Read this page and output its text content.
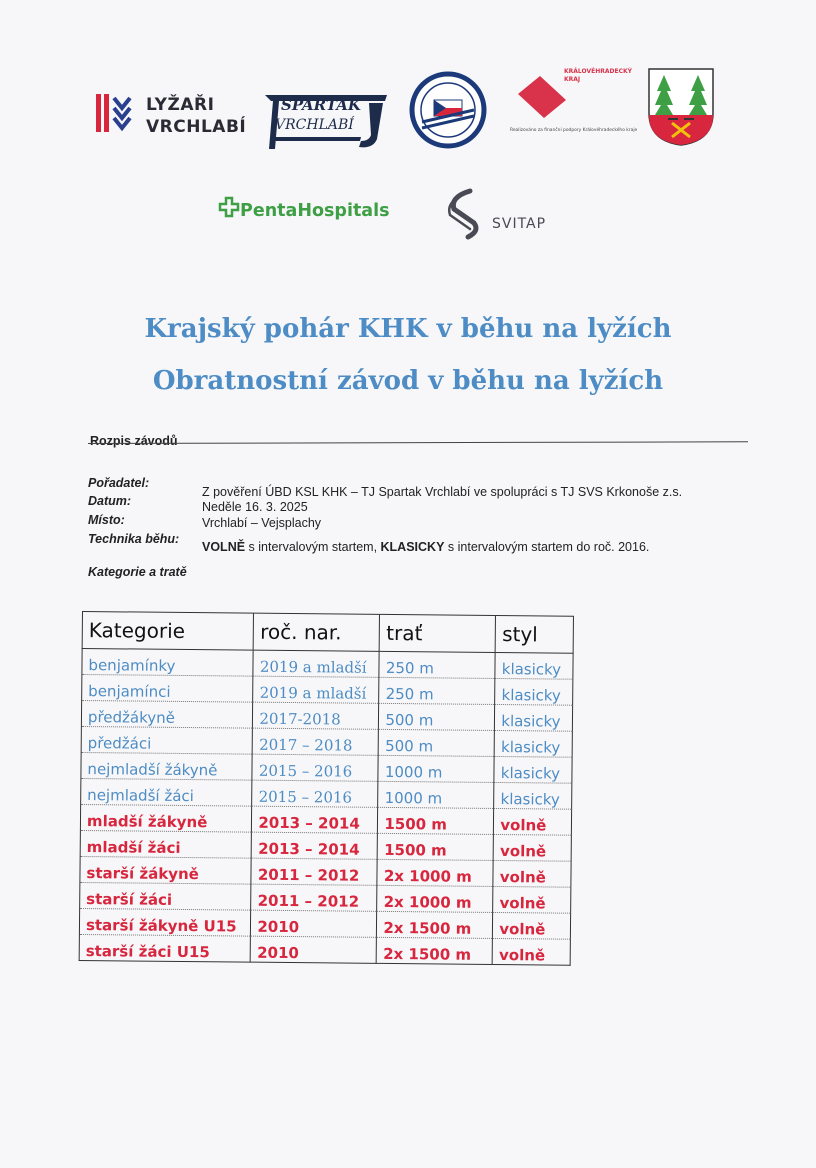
LYŽAŘI
VRCHLABÍ
SPARTAK
VRCHLABÍ
KRÁLOVÉHRADECKÝ
KRAJ
Realizováno za finanční podpory Královéhradeckého kraje
PentaHospitals
SVITAP
Krajský pohár KHK v běhu na lyžích
Obratnostní závod v běhu na lyžích
Rozpis závodů
Pořadatel:
Z pověření ÚBD KSL KHK – TJ Spartak Vrchlabí ve spolupráci s TJ SVS Krkonoše z.s.
Datum:	Neděle 16. 3. 2025
Místo:	Vrchlabí – Vejsplachy
Technika běhu:
VOLNĚ s intervalovým startem, KLASICKY s intervalovým startem do roč. 2016.
Kategorie a tratě
Kategorie	roč. nar.	trať	styl
benjamínky	2019 a mladší	250 m	klasicky
benjamínci	2019 a mladší	250 m	klasicky
předžákyně	2017-2018	500 m	klasicky
předžáci	2017 – 2018	500 m	klasicky
nejmladší žákyně	2015 – 2016	1000 m	klasicky
nejmladší žáci	2015 – 2016	1000 m	klasicky
mladší žákyně	2013 – 2014	1500 m	volně
mladší žáci	2013 – 2014	1500 m	volně
starší žákyně	2011 – 2012	2x 1000 m	volně
starší žáci	2011 – 2012	2x 1000 m	volně
starší žákyně U15	2010	2x 1500 m	volně
starší žáci U15	2010	2x 1500 m	volně
